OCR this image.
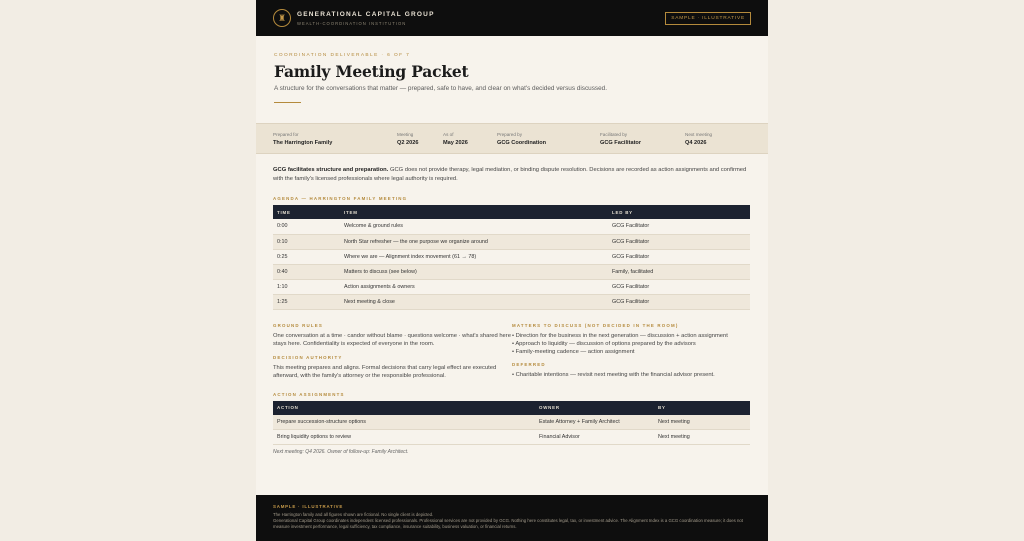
♜	GENERATIONAL CAPITAL GROUP
WEALTH-COORDINATION INSTITUTION
SAMPLE · ILLUSTRATIVE
COORDINATION DELIVERABLE · 6 OF 7
Family Meeting Packet
A structure for the conversations that matter — prepared, safe to have, and clear on what's decided versus discussed.
Prepared for
The Harrington Family
Meeting
Q2 2026
As of
May 2026
Prepared by
GCG Coordination
Facilitated by
GCG Facilitator
Next meeting
Q4 2026

GCG facilitates structure and preparation. GCG does not provide therapy, legal mediation, or binding dispute resolution. Decisions are recorded as action assignments and confirmed with the family's licensed professionals where legal authority is required.

AGENDA — HARRINGTON FAMILY MEETING
TIME	ITEM	LED BY
0:00	Welcome & ground rules	GCG Facilitator
0:10	North Star refresher — the one purpose we organize around	GCG Facilitator
0:25	Where we are — Alignment index movement (61 → 78)	GCG Facilitator
0:40	Matters to discuss (see below)	Family, facilitated
1:10	Action assignments & owners	GCG Facilitator
1:25	Next meeting & close	GCG Facilitator
GROUND RULES

One conversation at a time · candor without blame · questions welcome · what's shared here stays here. Confidentiality is expected of everyone in the room.

DECISION AUTHORITY

This meeting prepares and aligns. Formal decisions that carry legal effect are executed afterward, with the family's attorney or the responsible professional.

MATTERS TO DISCUSS (NOT DECIDED IN THE ROOM)
• Direction for the business in the next generation — discussion + action assignment
• Approach to liquidity — discussion of options prepared by the advisors
• Family-meeting cadence — action assignment
DEFERRED
• Charitable intentions — revisit next meeting with the financial advisor present.
ACTION ASSIGNMENTS
ACTION	OWNER	BY
Prepare succession-structure options	Estate Attorney + Family Architect	Next meeting
Bring liquidity options to review	Financial Advisor	Next meeting
Next meeting: Q4 2026. Owner of follow-up: Family Architect.
SAMPLE · ILLUSTRATIVE
The Harrington family and all figures shown are fictional. No single client is depicted.
Generational Capital Group coordinates independent licensed professionals. Professional services are not provided by GCG. Nothing here constitutes legal, tax, or investment advice. The Alignment Index is a GCG coordination measure; it does not measure investment performance, legal sufficiency, tax compliance, insurance suitability, business valuation, or financial returns.
